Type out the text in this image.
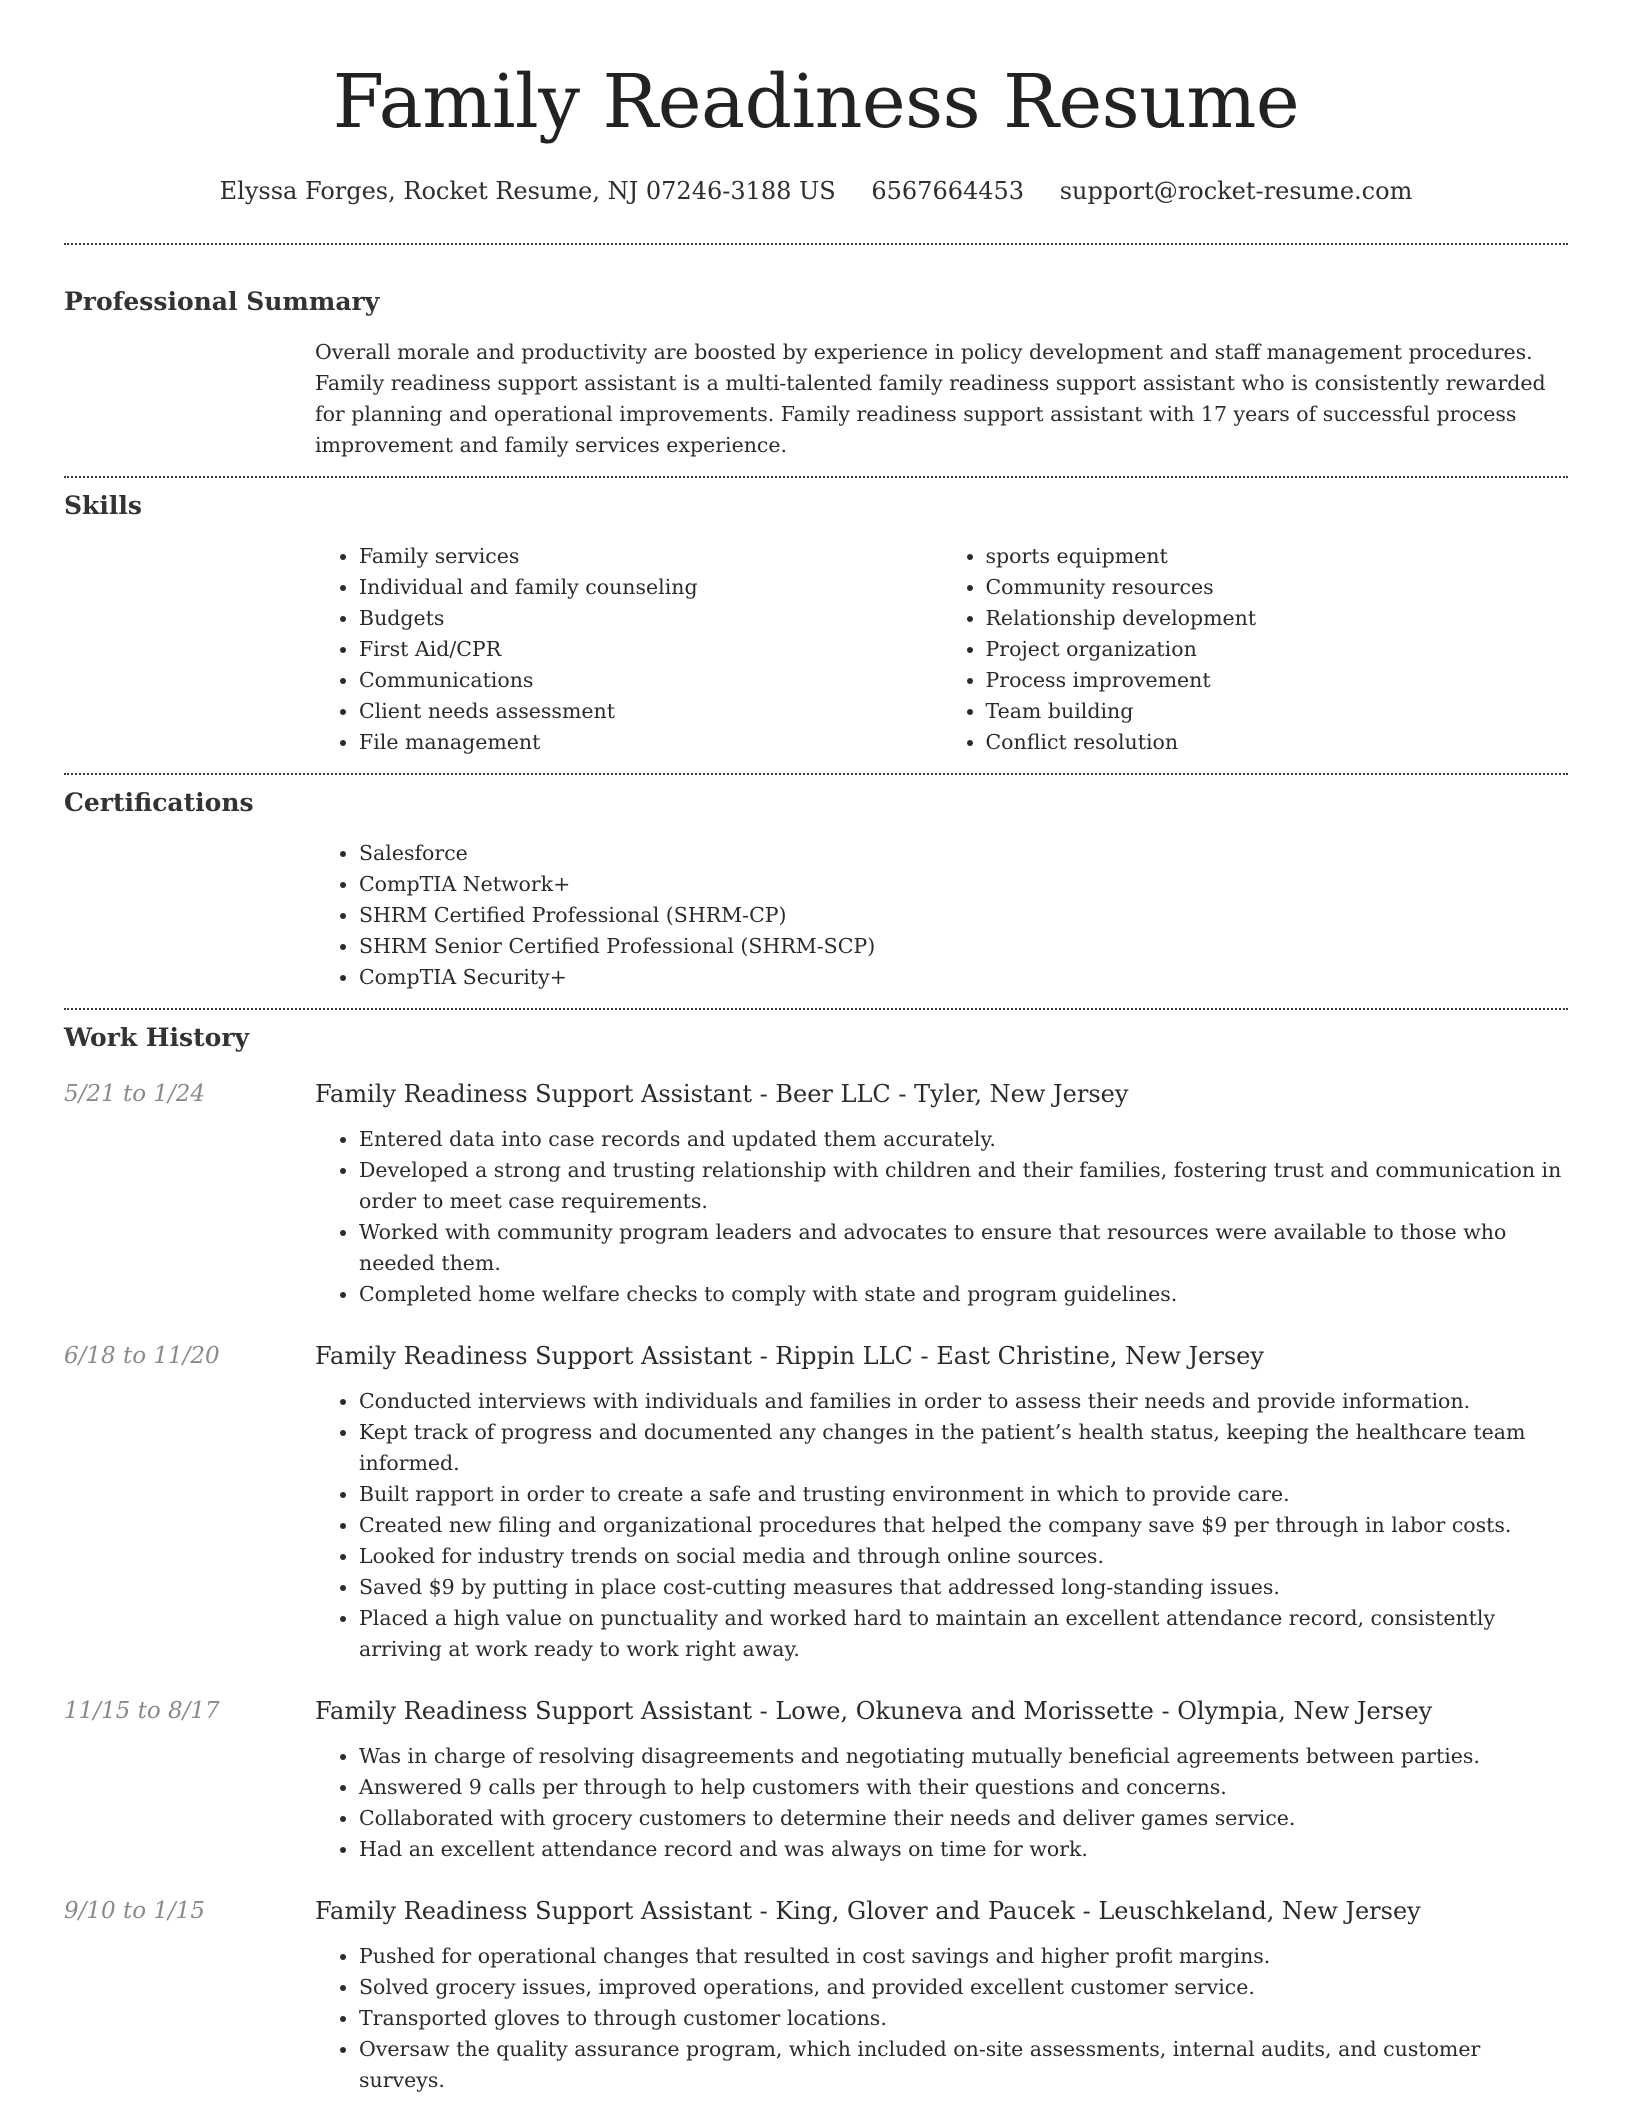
Family Readiness Resume
Elyssa Forges, Rocket Resume, NJ 07246-3188 US 6567664453 support@rocket-resume.com
Professional Summary
Overall morale and productivity are boosted by experience in policy development and staff management procedures. Family readiness support assistant is a multi-talented family readiness support assistant who is consistently rewarded for planning and operational improvements. Family readiness support assistant with 17 years of successful process improvement and family services experience.
Skills
• Family services
• Individual and family counseling
• Budgets
• First Aid/CPR
• Communications
• Client needs assessment
• File management
• sports equipment
• Community resources
• Relationship development
• Project organization
• Process improvement
• Team building
• Conflict resolution
Certifications
• Salesforce
• CompTIA Network+
• SHRM Certified Professional (SHRM-CP)
• SHRM Senior Certified Professional (SHRM-SCP)
• CompTIA Security+
Work History
5/21 to 1/24	Family Readiness Support Assistant - Beer LLC - Tyler, New Jersey
• Entered data into case records and updated them accurately.
• Developed a strong and trusting relationship with children and their families, fostering trust and communication in order to meet case requirements.
• Worked with community program leaders and advocates to ensure that resources were available to those who needed them.
• Completed home welfare checks to comply with state and program guidelines.
6/18 to 11/20	Family Readiness Support Assistant - Rippin LLC - East Christine, New Jersey
• Conducted interviews with individuals and families in order to assess their needs and provide information.
• Kept track of progress and documented any changes in the patient’s health status, keeping the healthcare team informed.
• Built rapport in order to create a safe and trusting environment in which to provide care.
• Created new filing and organizational procedures that helped the company save $9 per through in labor costs.
• Looked for industry trends on social media and through online sources.
• Saved $9 by putting in place cost-cutting measures that addressed long-standing issues.
• Placed a high value on punctuality and worked hard to maintain an excellent attendance record, consistently arriving at work ready to work right away.
11/15 to 8/17	Family Readiness Support Assistant - Lowe, Okuneva and Morissette - Olympia, New Jersey
• Was in charge of resolving disagreements and negotiating mutually beneficial agreements between parties.
• Answered 9 calls per through to help customers with their questions and concerns.
• Collaborated with grocery customers to determine their needs and deliver games service.
• Had an excellent attendance record and was always on time for work.
9/10 to 1/15	Family Readiness Support Assistant - King, Glover and Paucek - Leuschkeland, New Jersey
• Pushed for operational changes that resulted in cost savings and higher profit margins.
• Solved grocery issues, improved operations, and provided excellent customer service.
• Transported gloves to through customer locations.
• Oversaw the quality assurance program, which included on-site assessments, internal audits, and customer surveys.
